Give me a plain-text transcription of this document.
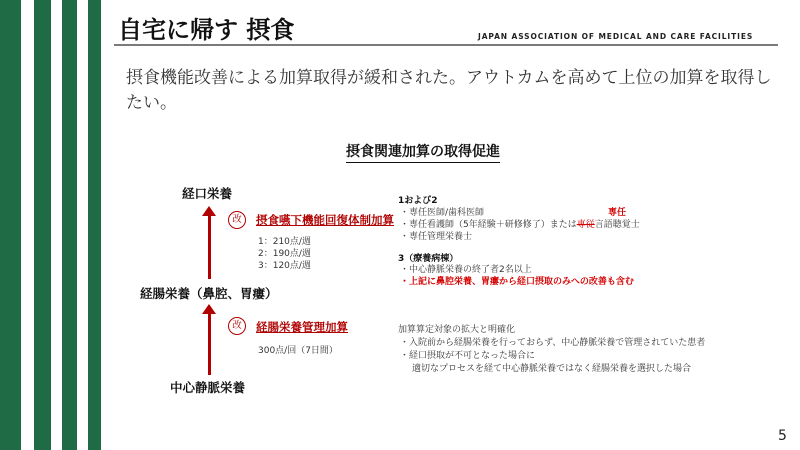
自宅に帰す 摂食	JAPAN ASSOCIATION OF MEDICAL AND CARE FACILITIES
摂食機能改善による加算取得が緩和された。アウトカムを高めて上位の加算を取得したい。
摂食関連加算の取得促進
経口栄養
経腸栄養（鼻腔、胃瘻）
中心静脈栄養
改	摂食嚥下機能回復体制加算
1：210点/週
2：190点/週
3：120点/週
改	経腸栄養管理加算
300点/回（7日間）
1および2
専任
・専任医師/歯科医師
・専任看護師（5年経験＋研修修了）または専従言語聴覚士
・専任管理栄養士
3（療養病棟）
・中心静脈栄養の終了者2名以上
・上記に鼻腔栄養、胃瘻から経口摂取のみへの改善も含む
加算算定対象の拡大と明確化
・入院前から経腸栄養を行っておらず、中心静脈栄養で管理されていた患者
・経口摂取が不可となった場合に
適切なプロセスを経て中心静脈栄養ではなく経腸栄養を選択した場合
5
